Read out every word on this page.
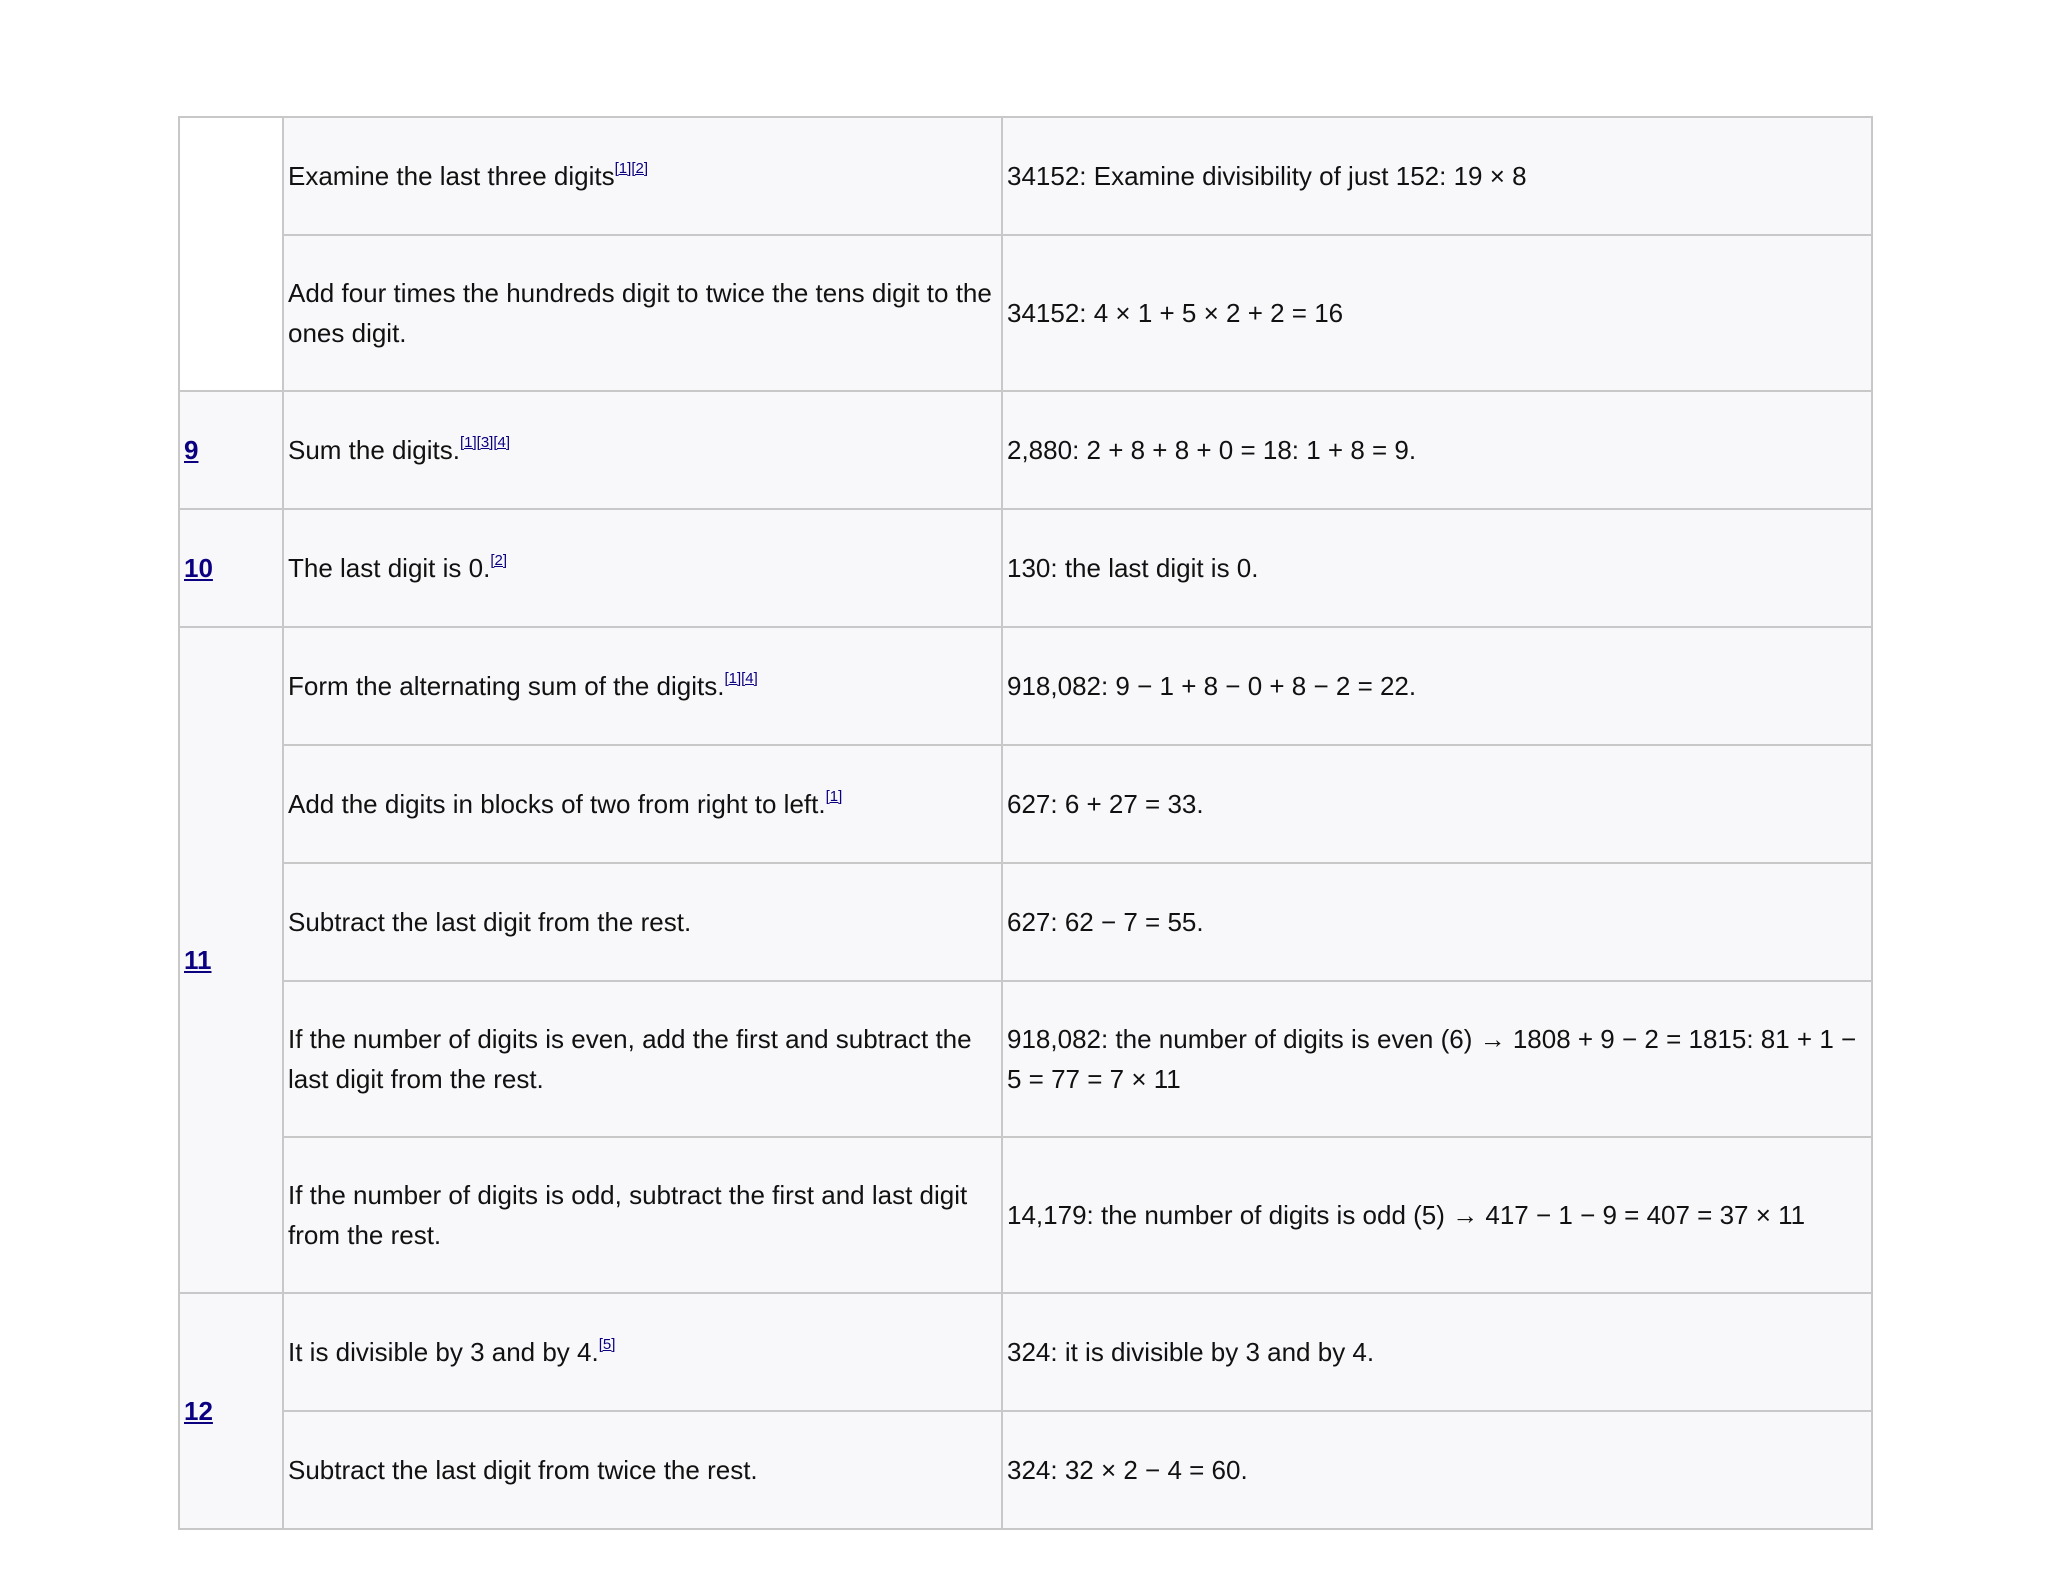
	Examine the last three digits[1][2]	34152: Examine divisibility of just 152: 19 × 8
	Add four times the hundreds digit to twice the tens digit to the ones digit.	34152: 4 × 1 + 5 × 2 + 2 = 16
9	Sum the digits.[1][3][4]	2,880: 2 + 8 + 8 + 0 = 18: 1 + 8 = 9.
10	The last digit is 0.[2]	130: the last digit is 0.
11	Form the alternating sum of the digits.[1][4]	918,082: 9 − 1 + 8 − 0 + 8 − 2 = 22.
	Add the digits in blocks of two from right to left.[1]	627: 6 + 27 = 33.
	Subtract the last digit from the rest.	627: 62 − 7 = 55.
	If the number of digits is even, add the first and subtract the last digit from the rest.	918,082: the number of digits is even (6) → 1808 + 9 − 2 = 1815: 81 + 1 − 5 = 77 = 7 × 11
	If the number of digits is odd, subtract the first and last digit from the rest.	14,179: the number of digits is odd (5) → 417 − 1 − 9 = 407 = 37 × 11
12	It is divisible by 3 and by 4.[5]	324: it is divisible by 3 and by 4.
	Subtract the last digit from twice the rest.	324: 32 × 2 − 4 = 60.
